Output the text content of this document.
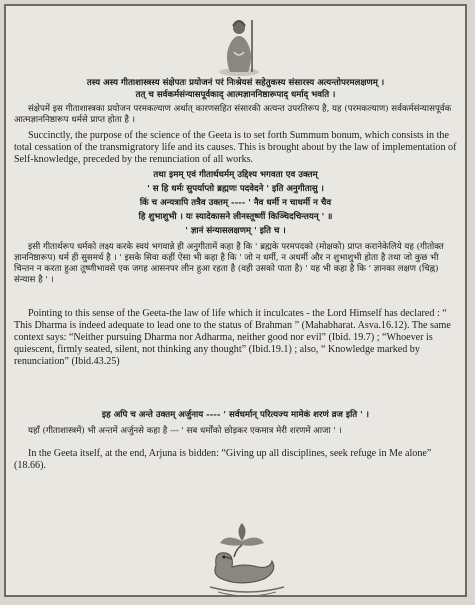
तस्य अस्य गीताशास्त्रस्य संक्षेपतः प्रयोजनं परं निःश्रेयसं सहेतुकस्य संसारस्य अत्यन्तोपरमलक्षणम् ।
तत् च सर्वकर्मसंन्यासपूर्वकाद् आत्मज्ञाननिष्ठारूपाद् धर्माद् भवति ।
संक्षेपमें इस गीताशास्त्रका प्रयोजन परमकल्याण अर्थात् कारणसहित संसारकी अत्यन्त उपरतिरूप है, यह (परमकल्याण) सर्वकर्मसंन्यासपूर्वक आत्मज्ञाननिष्ठारूप धर्मसे प्राप्त होता है ।
Succinctly, the purpose of the science of the Geeta is to set forth Summum bonum, which consists in the total cessation of the transmigratory life and its causes. This is brought about by the law of implementation of Self-knowledge, preceded by the renunciation of all works.
तथा इमम् एवं गीतार्थधर्मम् उद्दिश्य भगवता एव उक्तम्
' स हि धर्मः सुपर्याप्तो ब्रह्मणः पदवेदने ' इति अनुगीतासु ।
किं च अन्यत्रापि तत्रैव उक्तम् ---- ' नैव धर्मी न चाधर्मी न चैव
हि शुभाशुभी । यः स्यादेकासने लीनस्तूष्णीं किञ्चिदचिन्तयन् ' ॥
' ज्ञानं संन्यासलक्षणम् ' इति च ।
इसी गीतार्थरूप धर्मको लक्ष्य करके स्वयं भगवान्ने ही अनुगीतामें कहा है कि ' ब्रह्मके परमपदको (मोक्षको) प्राप्त करानेकेलिये यह (गीतोक्त ज्ञाननिष्ठारूप) धर्म ही सुसमर्थ है । ' इसके सिवा कहीं ऐसा भी कहा है कि ' जो न धर्मी, न अधर्मी और न शुभाशुभी होता है तथा जो कुछ भी चिन्तन न करता हुआ तूष्णीभावसे एक जगह आसनपर लीन हुआ रहता है (वही उसको पाता है) ' यह भी कहा है कि ' ज्ञानका लक्षण (चिह्न) संन्यास है ' ।
Pointing to this sense of the Geeta-the law of life which it inculcates - the Lord Himself has declared : “ This Dharma is indeed adequate to lead one to the status of Brahman ” (Mahabharat. Asva.16.12). The same context says: “Neither pursuing Dharma nor Adharma, neither good nor evil” (Ibid. 19.7) ; “Whoever is quiescent, firmly seated, silent, not thinking any thought” (Ibid.19.1) ; also, “ Knowledge marked by renunciation” (Ibid.43.25)
इह अपि च अन्ते उक्तम् अर्जुनाय ---- ' सर्वधर्मान् परित्यज्य मामेकं शरणं व्रज इति ' ।
यहाँ (गीताशास्त्रमें) भी अन्तमें अर्जुनसे कहा है --- ' सब धर्मोंको छोड़कर एकमात्र मेरी शरणमें आजा ' ।
In the Geeta itself, at the end, Arjuna is bidden: “Giving up all disciplines, seek refuge in Me alone” (18.66).
